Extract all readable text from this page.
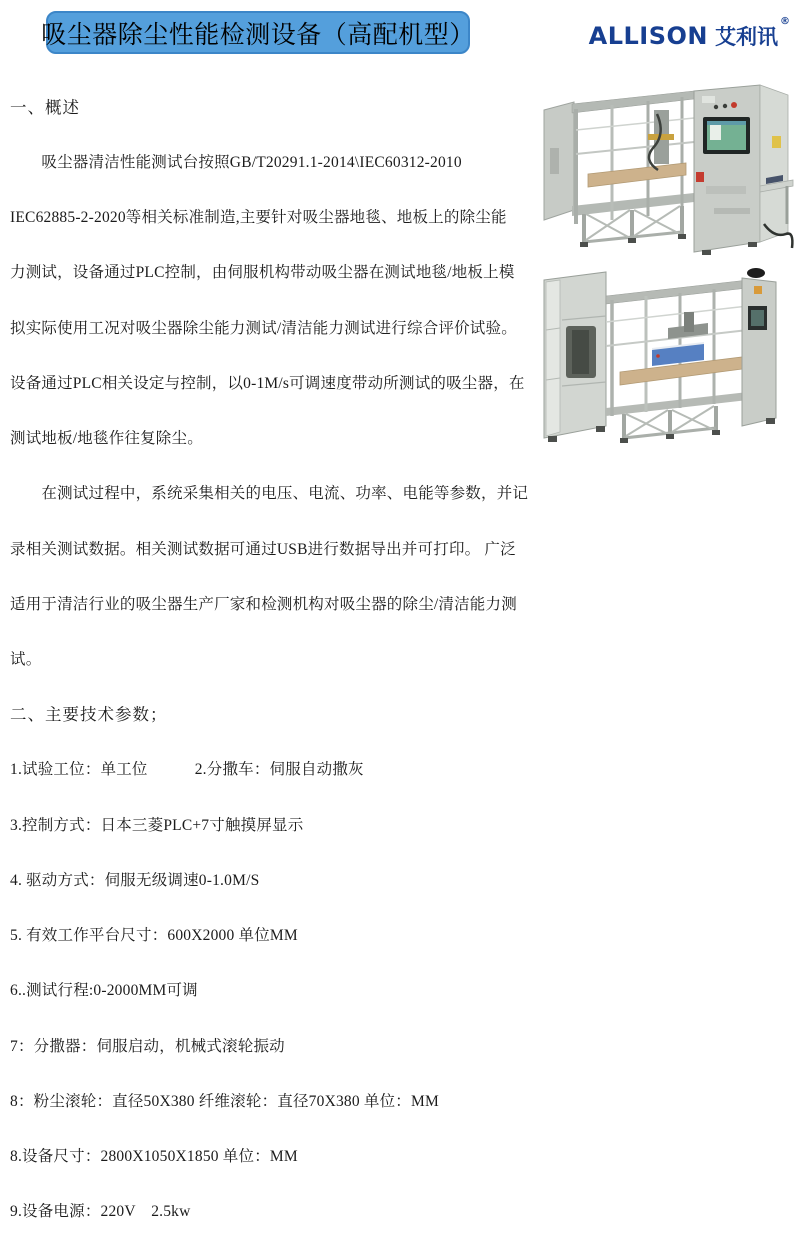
吸尘器除尘性能检测设备（高配机型）	ALLISON 艾利讯
®

一、概述

　　吸尘器清洁性能测试台按照GB/T20291.1-2014\IEC60312-2010

IEC62885-2-2020等相关标准制造,主要针对吸尘器地毯、地板上的除尘能

力测试，设备通过PLC控制，由伺服机构带动吸尘器在测试地毯/地板上模

拟实际使用工况对吸尘器除尘能力测试/清洁能力测试进行综合评价试验。

设备通过PLC相关设定与控制，以0-1M/s可调速度带动所测试的吸尘器，在

测试地板/地毯作往复除尘。

　　在测试过程中，系统采集相关的电压、电流、功率、电能等参数，并记

录相关测试数据。相关测试数据可通过USB进行数据导出并可打印。 广泛

适用于清洁行业的吸尘器生产厂家和检测机构对吸尘器的除尘/清洁能力测

试。

二、主要技术参数；

1.试验工位：单工位　　　2.分撒车：伺服自动撒灰

3.控制方式：日本三菱PLC+7寸触摸屏显示

4. 驱动方式：伺服无级调速0-1.0M/S

5. 有效工作平台尺寸：600X2000 单位MM

6..测试行程:0-2000MM可调

7：分撒器：伺服启动，机械式滚轮振动

8：粉尘滚轮：直径50X380 纤维滚轮：直径70X380 单位：MM

8.设备尺寸：2800X1050X1850 单位：MM

9.设备电源：220V　2.5kw
